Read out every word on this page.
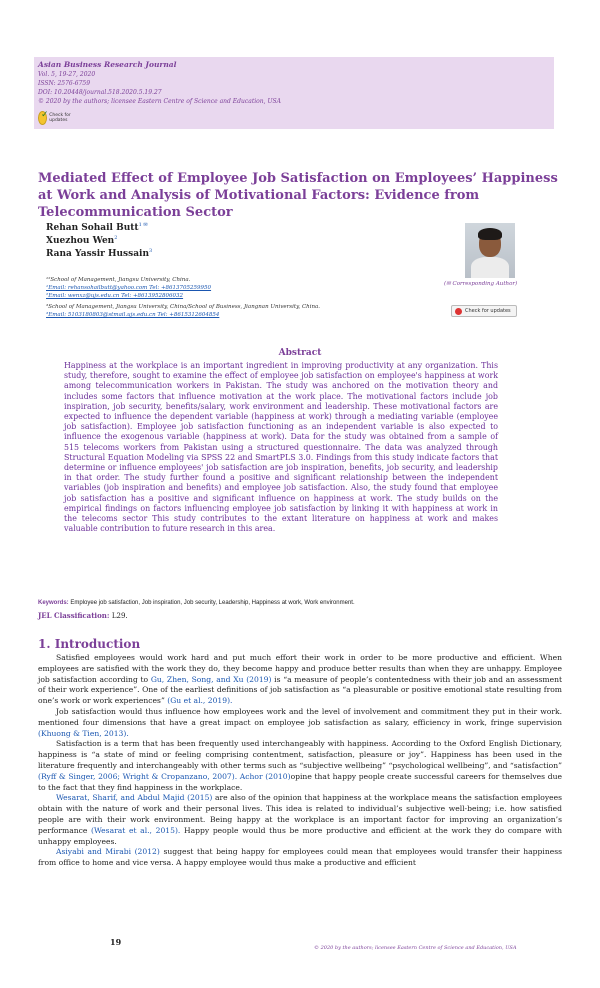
Asian Business Research Journal
Vol. 5, 19-27, 2020
ISSN: 2576-6759
DOI: 10.20448/journal.518.2020.5.19.27
© 2020 by the authors; licensee Eastern Centre of Science and Education, USA
✓
Check for updates
Mediated Effect of Employee Job Satisfaction on Employees’ Happiness at Work and Analysis of Motivational Factors: Evidence from Telecommunication Sector
Rehan Sohail Butt$^{1 ✉}$
Xuezhou Wen$^2$
Rana Yassir Hussain$^3$
(✉ Corresponding Author)
Check for updates
¹²School of Management, Jiangsu University, China.
¹Email: rehansohailbutt@yahoo.com Tel: +8613705259950
²Email: wenxz@ujs.edu.cn Tel: +8613952806032
³School of Management, Jiangsu University, China/School of Business, Jiangnan University, China.
³Email: 5103180803@stmail.ujs.edu.cn Tel: +8615312604854
Abstract
Happiness at the workplace is an important ingredient in improving productivity at any organization. This study, therefore, sought to examine the effect of employee job satisfaction on employee's happiness at work among telecommunication workers in Pakistan. The study was anchored on the motivation theory and includes some factors that influence motivation at the work place. The motivational factors include job inspiration, job security, benefits/salary, work environment and leadership. These motivational factors are expected to influence the dependent variable (happiness at work) through a mediating variable (employee job satisfaction). Employee job satisfaction functioning as an independent variable is also expected to influence the exogenous variable (happiness at work). Data for the study was obtained from a sample of 515 telecoms workers from Pakistan using a structured questionnaire. The data was analyzed through Structural Equation Modeling via SPSS 22 and SmartPLS 3.0. Findings from this study indicate factors that determine or influence employees' job satisfaction are job inspiration, benefits, job security, and leadership in that order. The study further found a positive and significant relationship between the independent variables (job inspiration and benefits) and employee job satisfaction. Also, the study found that employee job satisfaction has a positive and significant influence on happiness at work. The study builds on the empirical findings on factors influencing employee job satisfaction by linking it with happiness at work in the telecoms sector This study contributes to the extant literature on happiness at work and makes valuable contribution to future research in this area.
Keywords: Employee job satisfaction, Job inspiration, Job security, Leadership, Happiness at work, Work environment.
JEL Classification: L29.
1. Introduction

Satisfied employees would work hard and put much effort their work in order to be more productive and efficient. When employees are satisfied with the work they do, they become happy and produce better results than when they are unhappy. Employee job satisfaction according to Gu, Zhen, Song, and Xu (2019) is “a measure of people’s contentedness with their job and an assessment of their work experience”. One of the earliest definitions of job satisfaction as “a pleasurable or positive emotional state resulting from one’s work or work experiences” (Gu et al., 2019).

Job satisfaction would thus influence how employees work and the level of involvement and commitment they put in their work. mentioned four dimensions that have a great impact on employee job satisfaction as salary, efficiency in work, fringe supervision (Khuong & Tien, 2013).

Satisfaction is a term that has been frequently used interchangeably with happiness. According to the Oxford English Dictionary, happiness is “a state of mind or feeling comprising contentment, satisfaction, pleasure or joy”. Happiness has been used in the literature frequently and interchangeably with other terms such as “subjective wellbeing” “psychological wellbeing”, and “satisfaction” (Ryff & Singer, 2006; Wright & Cropanzano, 2007). Achor (2010)opine that happy people create successful careers for themselves due to the fact that they find happiness in the workplace.

Wesarat, Sharif, and Abdul Majid (2015) are also of the opinion that happiness at the workplace means the satisfaction employees obtain with the nature of work and their personal lives. This idea is related to individual’s subjective well-being; i.e. how satisfied people are with their work environment. Being happy at the workplace is an important factor for improving an organization’s performance (Wesarat et al., 2015). Happy people would thus be more productive and efficient at the work they do compare with unhappy employees.

Asiyabi and Mirabi (2012) suggest that being happy for employees could mean that employees would transfer their happiness from office to home and vice versa. A happy employee would thus make a productive and efficient

19
© 2020 by the authors; licensee Eastern Centre of Science and Education, USA
